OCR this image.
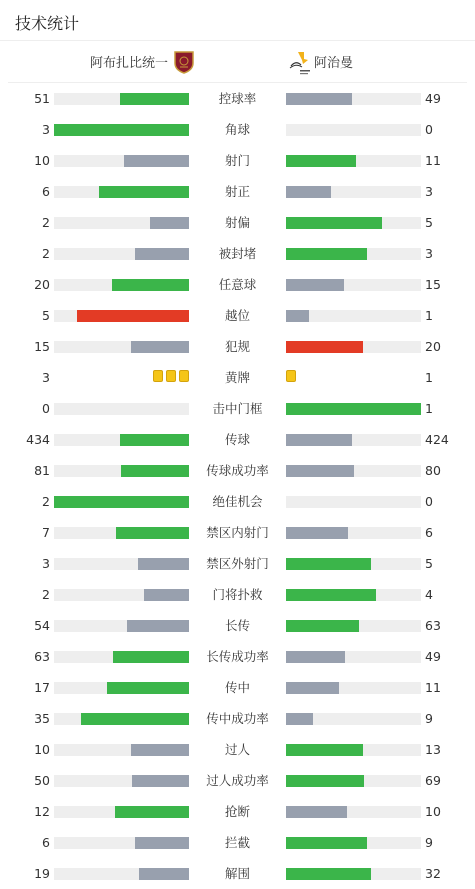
技术统计
阿布扎比统一	阿治曼
51	控球率	49
3	角球	0
10	射门	11
6	射正	3
2	射偏	5
2	被封堵	3
20	任意球	15
5	越位	1
15	犯规	20
3	黄牌	1
0	击中门框	1
434	传球	424
81	传球成功率	80
2	绝佳机会	0
7	禁区内射门	6
3	禁区外射门	5
2	门将扑救	4
54	长传	63
63	长传成功率	49
17	传中	11
35	传中成功率	9
10	过人	13
50	过人成功率	69
12	抢断	10
6	拦截	9
19	解围	32
